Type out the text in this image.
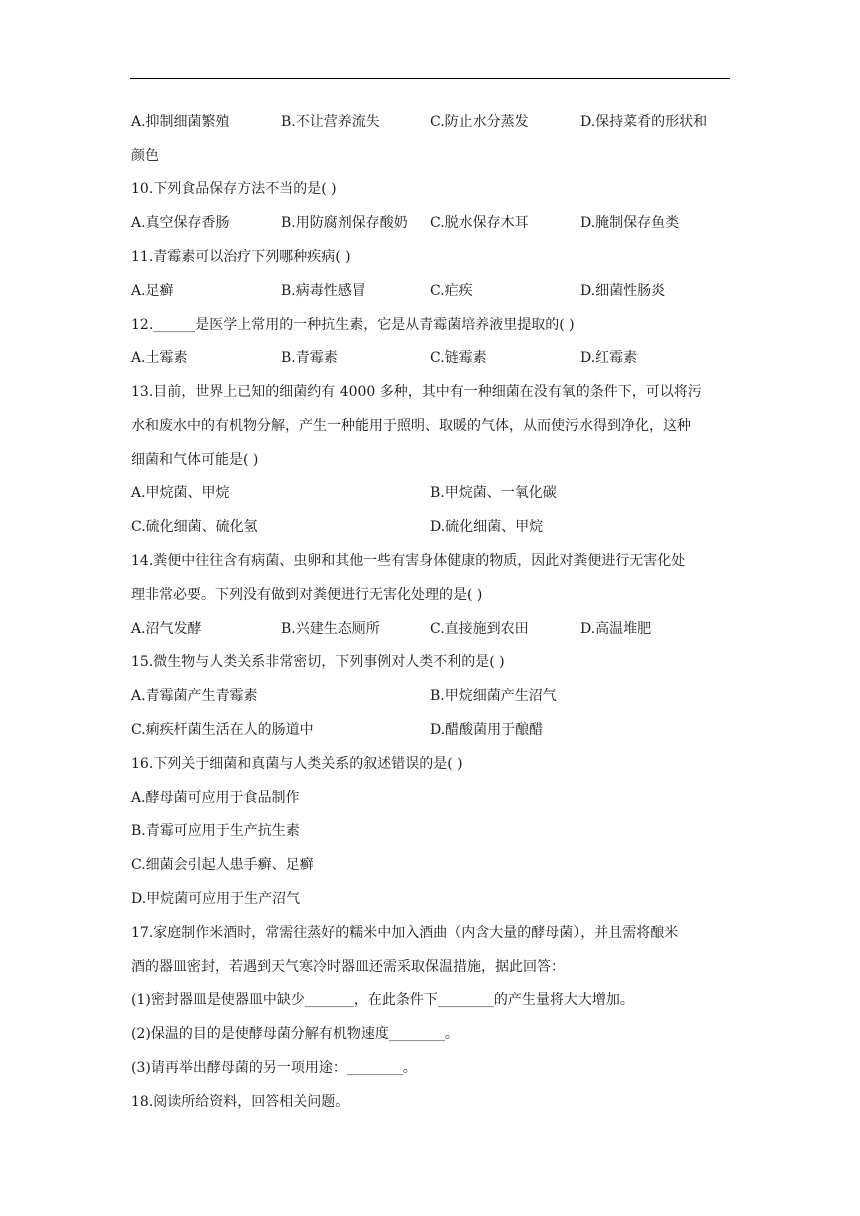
A.抑制细菌繁殖	B.不让营养流失	C.防止水分蒸发	D.保持菜肴的形状和
颜色
10.下列食品保存方法不当的是( )
A.真空保存香肠	B.用防腐剂保存酸奶 C.脱水保存木耳	D.腌制保存鱼类
11.青霉素可以治疗下列哪种疾病( )
A.足癣	B.病毒性感冒	C.疟疾	D.细菌性肠炎
12.______是医学上常用的一种抗生素，它是从青霉菌培养液里提取的( )
A.土霉素	B.青霉素	C.链霉素	D.红霉素
13.目前，世界上已知的细菌约有 4000 多种，其中有一种细菌在没有氧的条件下，可以将污
水和废水中的有机物分解，产生一种能用于照明、取暖的气体，从而使污水得到净化，这种
细菌和气体可能是( )
A.甲烷菌、甲烷	B.甲烷菌、一氧化碳
C.硫化细菌、硫化氢	D.硫化细菌、甲烷
14.粪便中往往含有病菌、虫卵和其他一些有害身体健康的物质，因此对粪便进行无害化处
理非常必要。下列没有做到对粪便进行无害化处理的是( )
A.沼气发酵	B.兴建生态厕所	C.直接施到农田	D.高温堆肥
15.微生物与人类关系非常密切，下列事例对人类不利的是( )
A.青霉菌产生青霉素	B.甲烷细菌产生沼气
C.痢疾杆菌生活在人的肠道中	D.醋酸菌用于酿醋
16.下列关于细菌和真菌与人类关系的叙述错误的是( )
A.酵母菌可应用于食品制作
B.青霉可应用于生产抗生素
C.细菌会引起人患手癣、足癣
D.甲烷菌可应用于生产沼气
17.家庭制作米酒时，常需往蒸好的糯米中加入酒曲（内含大量的酵母菌），并且需将酿米
酒的器皿密封，若遇到天气寒冷时器皿还需采取保温措施，据此回答：
(1)密封器皿是使器皿中缺少_______，在此条件下________的产生量将大大增加。
(2)保温的目的是使酵母菌分解有机物速度________。
(3)请再举出酵母菌的另一项用途：________。
18.阅读所给资料，回答相关问题。
